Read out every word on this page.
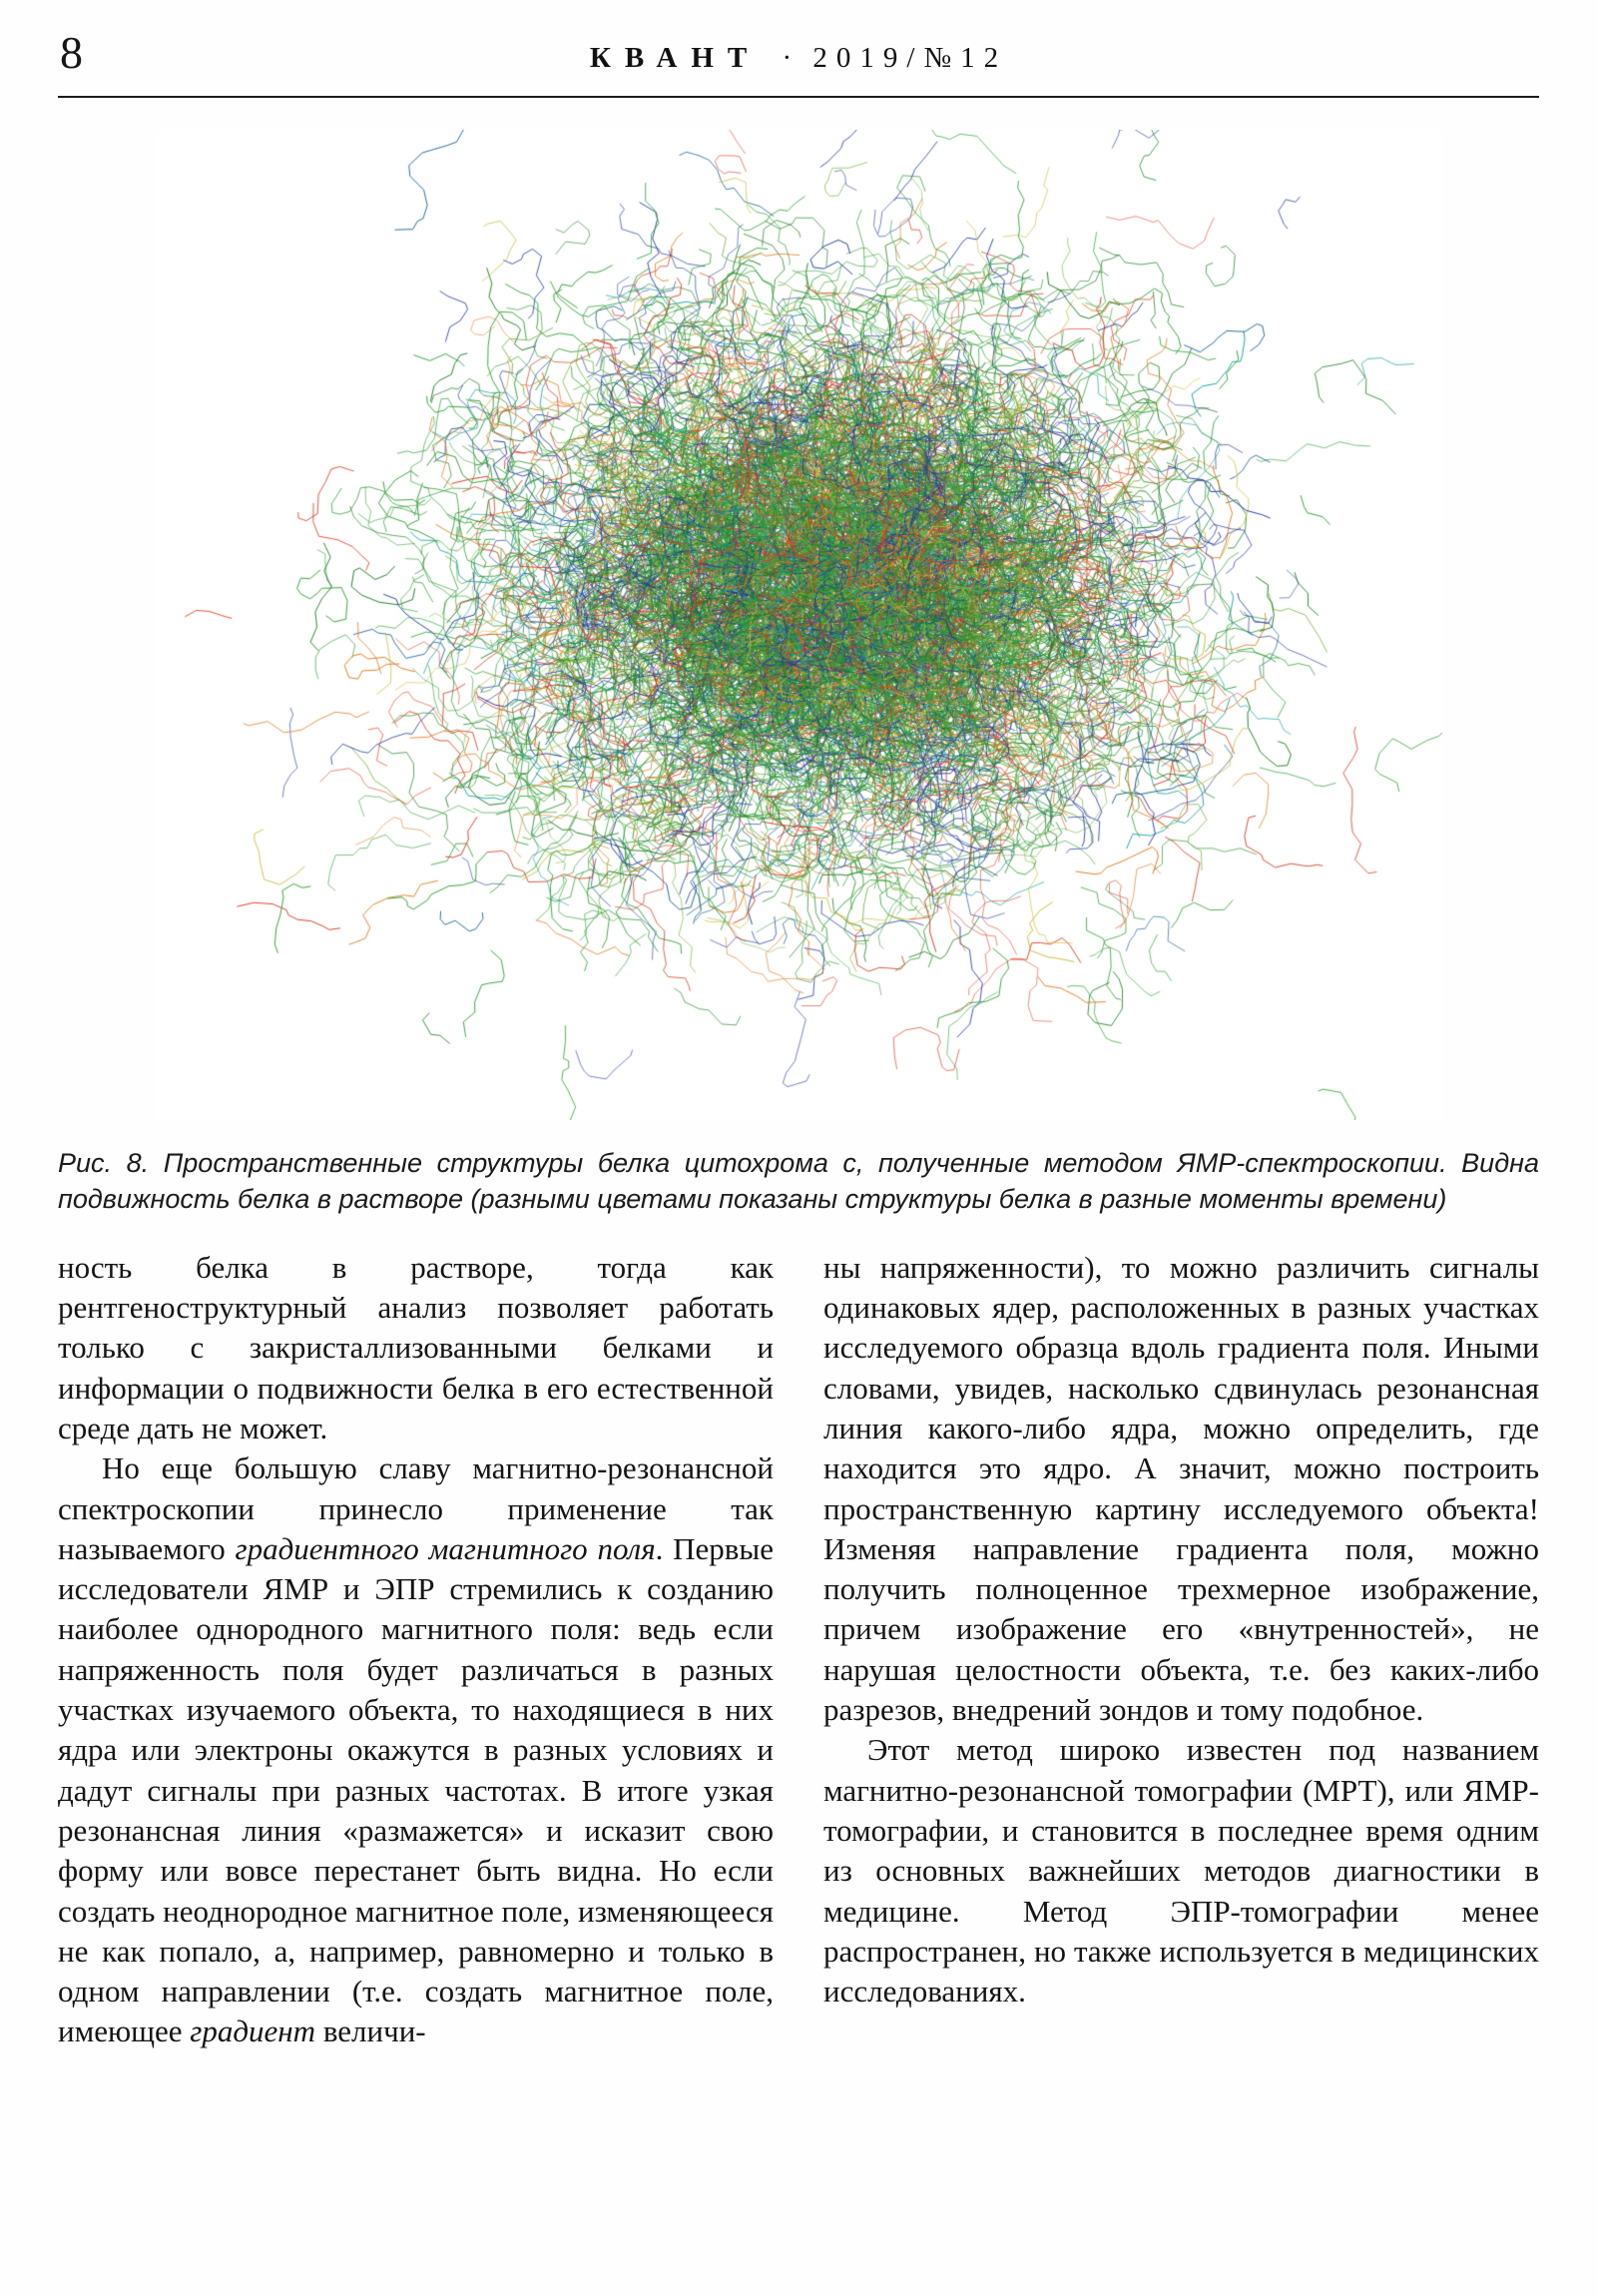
8	КВАНТ · 2019/№12

Рис. 8. Пространственные структуры белка цитохрома c, полученные методом ЯМР-спектроскопии. Видна подвижность белка в растворе (разными цветами показаны структуры белка в разные моменты времени)

ность белка в растворе, тогда как рентгеноструктурный анализ позволяет работать только с закристаллизованными белками и информации о подвижности белка в его естественной среде дать не может.

Но еще большую славу магнитно-резонансной спектроскопии принесло применение так называемого градиентного магнитного поля. Первые исследователи ЯМР и ЭПР стремились к созданию наиболее однородного магнитного поля: ведь если напряженность поля будет различаться в разных участках изучаемого объекта, то находящиеся в них ядра или электроны окажутся в разных условиях и дадут сигналы при разных частотах. В итоге узкая резонансная линия «размажется» и исказит свою форму или вовсе перестанет быть видна. Но если создать неоднородное магнитное поле, изменяющееся не как попало, а, например, равномерно и только в одном направлении (т.е. создать магнитное поле, имеющее градиент величи-

ны напряженности), то можно различить сигналы одинаковых ядер, расположенных в разных участках исследуемого образца вдоль градиента поля. Иными словами, увидев, насколько сдвинулась резонансная линия какого-либо ядра, можно определить, где находится это ядро. А значит, можно построить пространственную картину исследуемого объекта! Изменяя направление градиента поля, можно получить полноценное трехмерное изображение, причем изображение его «внутренностей», не нарушая целостности объекта, т.е. без каких-либо разрезов, внедрений зондов и тому подобное.

Этот метод широко известен под названием магнитно-резонансной томографии (МРТ), или ЯМР-томографии, и становится в последнее время одним из основных важнейших методов диагностики в медицине. Метод ЭПР-томографии менее распространен, но также используется в медицинских исследованиях.
